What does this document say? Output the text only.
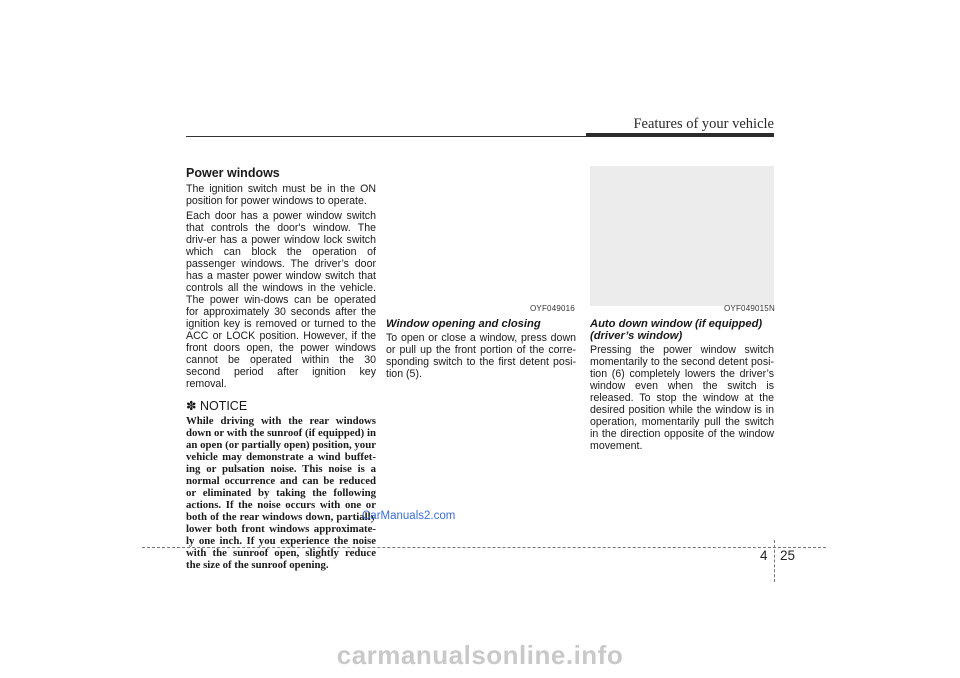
Features of your vehicle
Power windows

The ignition switch must be in the ON position for power windows to operate.

Each door has a power window switch that controls the door's window. The driv-er has a power window lock switch which can block the operation of passenger windows. The driver’s door has a master power window switch that controls all the windows in the vehicle. The power win-dows can be operated for approximately 30 seconds after the ignition key is removed or turned to the ACC or LOCK position. However, if the front doors open, the power windows cannot be operated within the 30 second period after ignition key removal.

✽ NOTICE

While driving with the rear windows down or with the sunroof (if equipped) in an open (or partially open) position, your vehicle may demonstrate a wind buffet-ing or pulsation noise. This noise is a normal occurrence and can be reduced or eliminated by taking the following actions. If the noise occurs with one or both of the rear windows down, partially lower both front windows approximate-ly one inch. If you experience the noise with the sunroof open, slightly reduce the size of the sunroof opening.

OYF049016
Window opening and closing

To open or close a window, press down or pull up the front portion of the corre-sponding switch to the first detent posi-tion (5).

OYF049015N
Auto down window (if equipped) (driver’s window)

Pressing the power window switch momentarily to the second detent posi-tion (6) completely lowers the driver’s window even when the switch is released. To stop the window at the desired position while the window is in operation, momentarily pull the switch in the direction opposite of the window movement.

CarManuals2.com
4 25
carmanualsonline.info
